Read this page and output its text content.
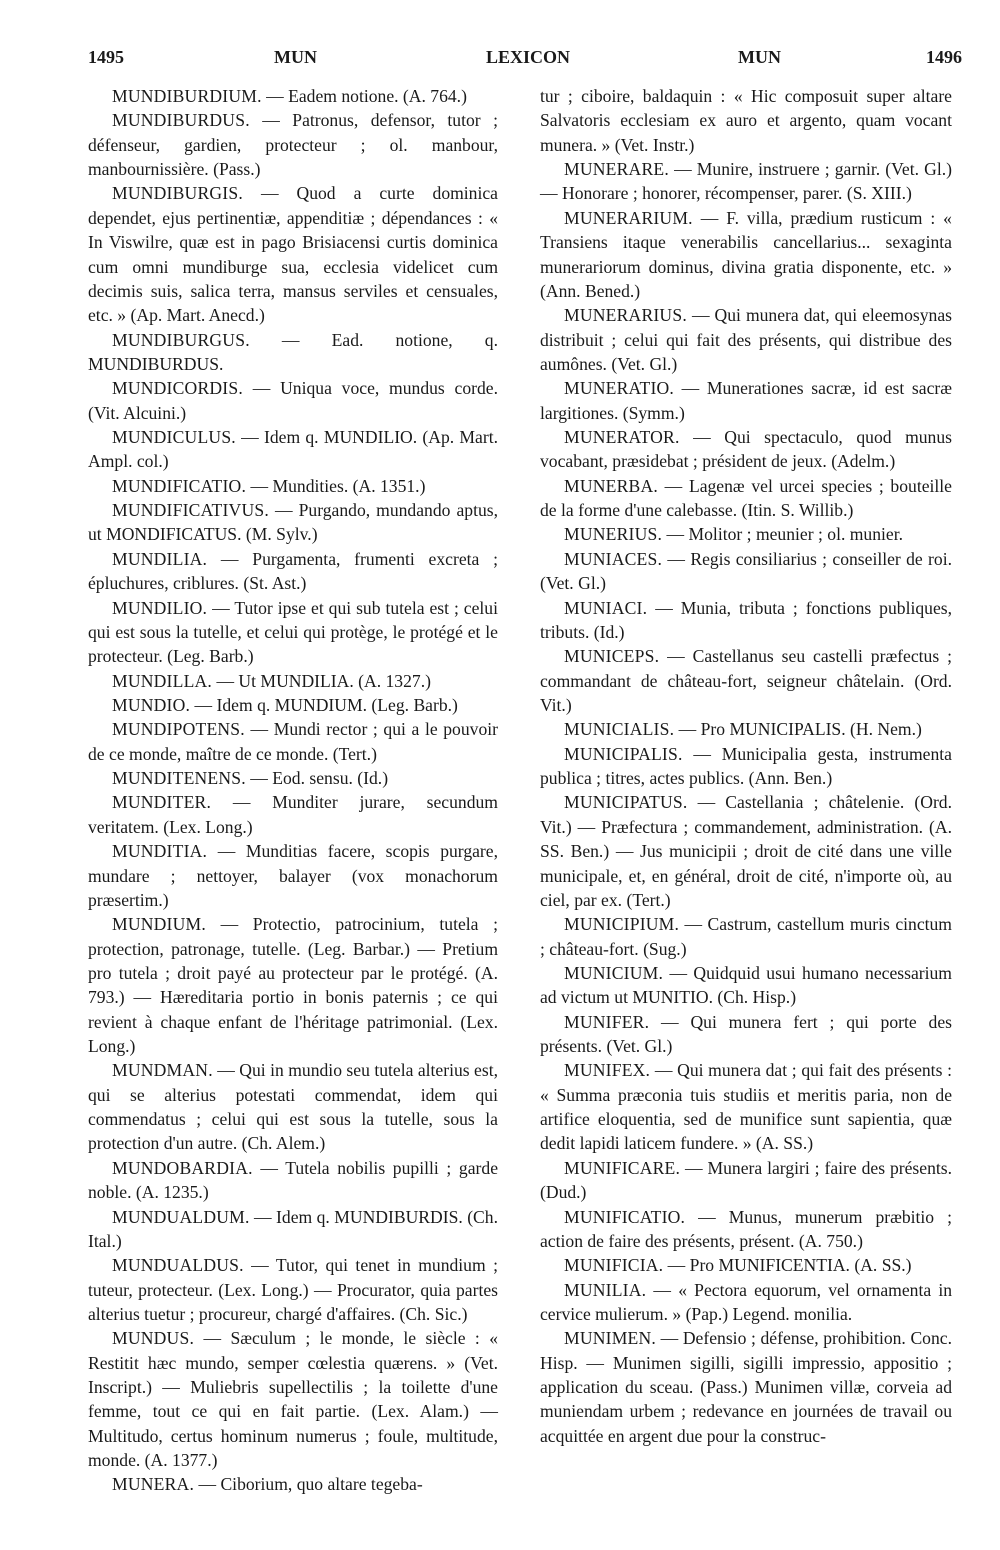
1495	MUN	LEXICON	MUN	1496

MUNDIBURDIUM. — Eadem notione. (A. 764.)

MUNDIBURDUS. — Patronus, defensor, tutor ; défenseur, gardien, protecteur ; ol. manbour, manbournissière. (Pass.)

MUNDIBURGIS. — Quod a curte dominica dependet, ejus pertinentiæ, appenditiæ ; dépendances : « In Viswilre, quæ est in pago Brisiacensi curtis dominica cum omni mundiburge sua, ecclesia videlicet cum decimis suis, salica terra, mansus serviles et censuales, etc. » (Ap. Mart. Anecd.)

MUNDIBURGUS. — Ead. notione, q. MUNDIBURDUS.

MUNDICORDIS. — Uniqua voce, mundus corde. (Vit. Alcuini.)

MUNDICULUS. — Idem q. MUNDILIO. (Ap. Mart. Ampl. col.)

MUNDIFICATIO. — Mundities. (A. 1351.)

MUNDIFICATIVUS. — Purgando, mundando aptus, ut MONDIFICATUS. (M. Sylv.)

MUNDILIA. — Purgamenta, frumenti excreta ; épluchures, criblures. (St. Ast.)

MUNDILIO. — Tutor ipse et qui sub tutela est ; celui qui est sous la tutelle, et celui qui protège, le protégé et le protecteur. (Leg. Barb.)

MUNDILLA. — Ut MUNDILIA. (A. 1327.)

MUNDIO. — Idem q. MUNDIUM. (Leg. Barb.)

MUNDIPOTENS. — Mundi rector ; qui a le pouvoir de ce monde, maître de ce monde. (Tert.)

MUNDITENENS. — Eod. sensu. (Id.)

MUNDITER. — Munditer jurare, secundum veritatem. (Lex. Long.)

MUNDITIA. — Munditias facere, scopis purgare, mundare ; nettoyer, balayer (vox monachorum præsertim.)

MUNDIUM. — Protectio, patrocinium, tutela ; protection, patronage, tutelle. (Leg. Barbar.) — Pretium pro tutela ; droit payé au protecteur par le protégé. (A. 793.) — Hæreditaria portio in bonis paternis ; ce qui revient à chaque enfant de l'héritage patrimonial. (Lex. Long.)

MUNDMAN. — Qui in mundio seu tutela alterius est, qui se alterius potestati commendat, idem qui commendatus ; celui qui est sous la tutelle, sous la protection d'un autre. (Ch. Alem.)

MUNDOBARDIA. — Tutela nobilis pupilli ; garde noble. (A. 1235.)

MUNDUALDUM. — Idem q. MUNDIBURDIS. (Ch. Ital.)

MUNDUALDUS. — Tutor, qui tenet in mundium ; tuteur, protecteur. (Lex. Long.) — Procurator, quia partes alterius tuetur ; procureur, chargé d'affaires. (Ch. Sic.)

MUNDUS. — Sæculum ; le monde, le siècle : « Restitit hæc mundo, semper cœlestia quærens. » (Vet. Inscript.) — Muliebris supellectilis ; la toilette d'une femme, tout ce qui en fait partie. (Lex. Alam.) — Multitudo, certus hominum numerus ; foule, multitude, monde. (A. 1377.)

MUNERA. — Ciborium, quo altare tegeba-

tur ; ciboire, baldaquin : « Hic composuit super altare Salvatoris ecclesiam ex auro et argento, quam vocant munera. » (Vet. Instr.)

MUNERARE. — Munire, instruere ; garnir. (Vet. Gl.) — Honorare ; honorer, récompenser, parer. (S. XIII.)

MUNERARIUM. — F. villa, prædium rusticum : « Transiens itaque venerabilis cancellarius... sexaginta munerariorum dominus, divina gratia disponente, etc. » (Ann. Bened.)

MUNERARIUS. — Qui munera dat, qui eleemosynas distribuit ; celui qui fait des présents, qui distribue des aumônes. (Vet. Gl.)

MUNERATIO. — Munerationes sacræ, id est sacræ largitiones. (Symm.)

MUNERATOR. — Qui spectaculo, quod munus vocabant, præsidebat ; président de jeux. (Adelm.)

MUNERBA. — Lagenæ vel urcei species ; bouteille de la forme d'une calebasse. (Itin. S. Willib.)

MUNERIUS. — Molitor ; meunier ; ol. munier.

MUNIACES. — Regis consiliarius ; conseiller de roi. (Vet. Gl.)

MUNIACI. — Munia, tributa ; fonctions publiques, tributs. (Id.)

MUNICEPS. — Castellanus seu castelli præfectus ; commandant de château-fort, seigneur châtelain. (Ord. Vit.)

MUNICIALIS. — Pro MUNICIPALIS. (H. Nem.)

MUNICIPALIS. — Municipalia gesta, instrumenta publica ; titres, actes publics. (Ann. Ben.)

MUNICIPATUS. — Castellania ; châtelenie. (Ord. Vit.) — Præfectura ; commandement, administration. (A. SS. Ben.) — Jus municipii ; droit de cité dans une ville municipale, et, en général, droit de cité, n'importe où, au ciel, par ex. (Tert.)

MUNICIPIUM. — Castrum, castellum muris cinctum ; château-fort. (Sug.)

MUNICIUM. — Quidquid usui humano necessarium ad victum ut MUNITIO. (Ch. Hisp.)

MUNIFER. — Qui munera fert ; qui porte des présents. (Vet. Gl.)

MUNIFEX. — Qui munera dat ; qui fait des présents : « Summa præconia tuis studiis et meritis paria, non de artifice eloquentia, sed de munifice sunt sapientia, quæ dedit lapidi laticem fundere. » (A. SS.)

MUNIFICARE. — Munera largiri ; faire des présents. (Dud.)

MUNIFICATIO. — Munus, munerum præbitio ; action de faire des présents, présent. (A. 750.)

MUNIFICIA. — Pro MUNIFICENTIA. (A. SS.)

MUNILIA. — « Pectora equorum, vel ornamenta in cervice mulierum. » (Pap.) Legend. monilia.

MUNIMEN. — Defensio ; défense, prohibition. Conc. Hisp. — Munimen sigilli, sigilli impressio, appositio ; application du sceau. (Pass.) Munimen villæ, corveia ad muniendam urbem ; redevance en journées de travail ou acquittée en argent due pour la construc-
